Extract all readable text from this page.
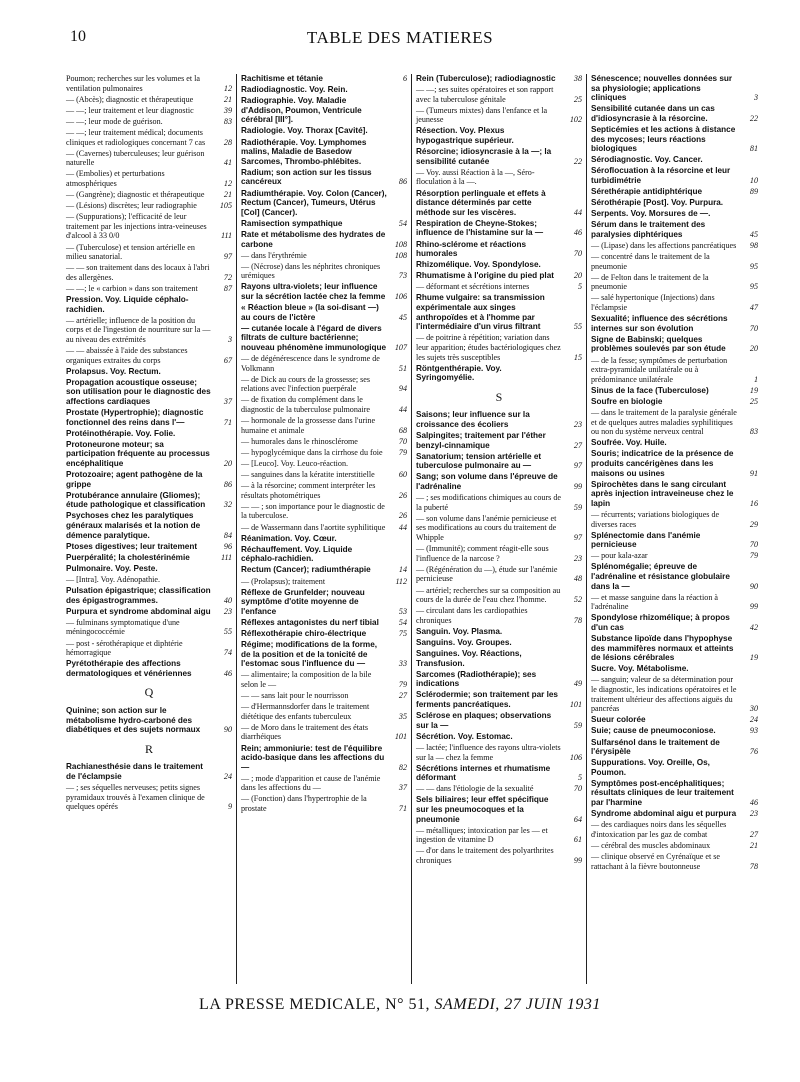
10	TABLE DES MATIERES
Poumon; recherches sur les volumes et la ventilation pulmonaires	12
— (Abcès); diagnostic et thérapeutique	21
— —; leur traitement et leur diagnostic	39
— —; leur mode de guérison.	83
— —; leur traitement médical; documents cliniques et radiologiques concernant 7 cas	28
— (Cavernes) tuberculeuses; leur guérison naturelle	41
— (Embolies) et perturbations atmosphériques	12
— (Gangrène); diagnostic et thérapeutique	21
— (Lésions) discrètes; leur radiographie	105
— (Suppurations); l'efficacité de leur traitement par les injections intra-veineuses d'alcool à 33 0/0	111
— (Tuberculose) et tension artérielle en milieu sanatorial.	97
— — son traitement dans des locaux à l'abri des allergènes.	72
— —; le « carbion » dans son traitement	87
Pression. Voy. Liquide céphalo-rachidien.
— artérielle; influence de la position du corps et de l'ingestion de nourriture sur la — au niveau des extrémités	3
— — abaissée à l'aide des substances organiques extraites du corps	67
Prolapsus. Voy. Rectum.
Propagation acoustique osseuse; son utilisation pour le diagnostic des affections cardiaques	37
Prostate (Hypertrophie); diagnostic fonctionnel des reins dans l'—	71
Protéinothérapie. Voy. Folie.
Protoneurone moteur; sa participation fréquente au processus encéphalitique	20
Protozoaire; agent pathogène de la grippe	86
Protubérance annulaire (Gliomes); étude pathologique et classification	32
Psychoses chez les paralytiques généraux malarisés et la notion de démence paralytique.	84
Ptoses digestives; leur traitement	96
Puerpéralité; la cholestérinémie	111
Pulmonaire. Voy. Peste.
— [Intra]. Voy. Adénopathie.
Pulsation épigastrique; classification des épigastrogrammes.	40
Purpura et syndrome abdominal aigu	23
— fulminans symptomatique d'une méningococcémie	55
— post - sérothérapique et diphtérie hémorragique	74
Pyrétothérapie des affections dermatologiques et vénériennes	46
Q
Quinine; son action sur le métabolisme hydro-carboné des diabétiques et des sujets normaux	90
R
Rachianesthésie dans le traitement de l'éclampsie	24
— ; ses séquelles nerveuses; petits signes pyramidaux trouvés à l'examen clinique de quelques opérés	9
Rachitisme et tétanie	6
Radiodiagnostic. Voy. Rein.
Radiographie. Voy. Maladie d'Addison, Poumon, Ventricule cérébral [III°].
Radiologie. Voy. Thorax [Cavité].
Radiothérapie. Voy. Lymphomes malins, Maladie de Basedow Sarcomes, Thrombo-phlébites.
Radium; son action sur les tissus cancéreux	86
Radiumthérapie. Voy. Colon (Cancer), Rectum (Cancer), Tumeurs, Utérus [Col] (Cancer).
Ramisection sympathique	54
Rate et métabolisme des hydrates de carbone	108
— dans l'érythrémie	108
— (Nécrose) dans les néphrites chroniques urémiques	73
Rayons ultra-violets; leur influence sur la sécrétion lactée chez la femme	106
« Réaction bleue » (la soi-disant —) au cours de l'ictère	45
— cutanée locale à l'égard de divers filtrats de culture bactérienne; nouveau phénomène immunologique	107
— de dégénérescence dans le syndrome de Volkmann	51
— de Dick au cours de la grossesse; ses relations avec l'infection puerpérale	94
— de fixation du complément dans le diagnostic de la tuberculose pulmonaire	44
— hormonale de la grossesse dans l'urine humaine et animale	68
— humorales dans le rhinosclérome	70
— hypoglycémique dans la cirrhose du foie	79
— [Leuco]. Voy. Leuco-réaction.
— sanguines dans la kératite interstitielle	60
— à la résorcine; comment interpréter les résultats photométriques	26
— — ; son importance pour le diagnostic de la tuberculose.	26
— de Wassermann dans l'aortite syphilitique	44
Réanimation. Voy. Cœur.
Réchauffement. Voy. Liquide céphalo-rachidien.
Rectum (Cancer); radiumthérapie	14
— (Prolapsus); traitement	112
Réflexe de Grunfelder; nouveau symptôme d'otite moyenne de l'enfance	53
Réflexes antagonistes du nerf tibial	54
Réflexothérapie chiro-électrique	75
Régime; modifications de la forme, de la position et de la tonicité de l'estomac sous l'influence du —	33
— alimentaire; la composition de la bile selon le —	79
— — sans lait pour le nourrisson	27
— d'Hermannsdorfer dans le traitement diététique des enfants tuberculeux	35
— de Moro dans le traitement des états diarrhéiques	101
Rein; ammoniurie: test de l'équilibre acido-basique dans les affections du —	82
— ; mode d'apparition et cause de l'anémie dans les affections du —	37
— (Fonction) dans l'hypertrophie de la prostate	71
Rein (Tuberculose); radiodiagnostic	38
— —; ses suites opératoires et son rapport avec la tuberculose génitale	25
— (Tumeurs mixtes) dans l'enfance et la jeunesse	102
Résection. Voy. Plexus hypogastrique supérieur.
Résorcine; idiosyncrasie à la —; la sensibilité cutanée	22
— Voy. aussi Réaction à la —, Séro-floculation à la —.
Résorption perlinguale et effets à distance déterminés par cette méthode sur les viscères.	44
Respiration de Cheyne-Stokes; influence de l'histamine sur la —	46
Rhino-sclérome et réactions humorales	70
Rhizomélique. Voy. Spondylose.
Rhumatisme à l'origine du pied plat	20
— déformant et sécrétions internes	5
Rhume vulgaire: sa transmission expérimentale aux singes anthropoïdes et à l'homme par l'intermédiaire d'un virus filtrant	55
— de poitrine à répétition; variation dans leur apparition; études bactériologiques chez les sujets très susceptibles	15
Röntgenthérapie. Voy. Syringomyélie.
S
Saisons; leur influence sur la croissance des écoliers	23
Salpingites; traitement par l'éther benzyl-cinnamique	27
Sanatorium; tension artérielle et tuberculose pulmonaire au —	97
Sang; son volume dans l'épreuve de l'adrénaline	99
— ; ses modifications chimiques au cours de la puberté	59
— son volume dans l'anémie pernicieuse et ses modifications au cours du traitement de Whipple	97
— (Immunité); comment réagit-elle sous l'influence de la narcose ?	23
— (Régénération du —), étude sur l'anémie pernicieuse	48
— artériel; recherches sur sa composition au cours de la durée de l'eau chez l'homme.	52
— circulant dans les cardiopathies chroniques	78
Sanguin. Voy. Plasma.
Sanguins. Voy. Groupes.
Sanguines. Voy. Réactions, Transfusion.
Sarcomes (Radiothérapie); ses indications	49
Sclérodermie; son traitement par les ferments pancréatiques.	101
Sclérose en plaques; observations sur la —	59
Sécrétion. Voy. Estomac.
— lactée; l'influence des rayons ultra-violets sur la — chez la femme	106
Sécrétions internes et rhumatisme déformant	5
— — dans l'étiologie de la sexualité	70
Sels biliaires; leur effet spécifique sur les pneumocoques et la pneumonie	64
— métalliques; intoxication par les — et ingestion de vitamine D	61
— d'or dans le traitement des polyarthrites chroniques	99
Sénescence; nouvelles données sur sa physiologie; applications cliniques	3
Sensibilité cutanée dans un cas d'idiosyncrasie à la résorcine.	22
Septicémies et les actions à distance des mycoses; leurs réactions biologiques	81
Sérodiagnostic. Voy. Cancer.
Séroflocuation à la résorcine et leur turbidimétrie	10
Sérethérapie antidiphtérique	89
Sérothérapie [Post]. Voy. Purpura.
Serpents. Voy. Morsures de —.
Sérum dans le traitement des paralysies diphtériques	45
— (Lipase) dans les affections pancréatiques	98
— concentré dans le traitement de la pneumonie	95
— de Felton dans le traitement de la pneumonie	95
— salé hypertonique (Injections) dans l'éclampsie	47
Sexualité; influence des sécrétions internes sur son évolution	70
Signe de Babinski; quelques problèmes soulevés par son étude	20
— de la fesse; symptômes de perturbation extra-pyramidale unilatérale ou à prédominance unilatérale	1
Sinus de la face (Tuberculose)	19
Soufre en biologie	25
— dans le traitement de la paralysie générale et de quelques autres maladies syphilitiques ou non du système nerveux central	83
Soufrée. Voy. Huile.
Souris; indicatrice de la présence de produits cancérigènes dans les maisons ou usines	91
Spirochètes dans le sang circulant après injection intraveineuse chez le lapin	16
— récurrents; variations biologiques de diverses races	29
Splénectomie dans l'anémie pernicieuse	70
— pour kala-azar	79
Splénomégalie; épreuve de l'adrénaline et résistance globulaire dans la —	90
— et masse sanguine dans la réaction à l'adrénaline	99
Spondylose rhizomélique; à propos d'un cas	42
Substance lipoïde dans l'hypophyse des mammifères normaux et atteints de lésions cérébrales	19
Sucre. Voy. Métabolisme.
— sanguin; valeur de sa détermination pour le diagnostic, les indications opératoires et le traitement ultérieur des affections aiguës du pancréas	30
Sueur colorée	24
Suie; cause de pneumoconiose.	93
Sulfarsénol dans le traitement de l'érysipèle	76
Suppurations. Voy. Oreille, Os, Poumon.
Symptômes post-encéphalitiques; résultats cliniques de leur traitement par l'harmine	46
Syndrome abdominal aigu et purpura	23
— des cardiaques noirs dans les séquelles d'intoxication par les gaz de combat	27
— cérébral des muscles abdominaux	21
— clinique observé en Cyrénaïque et se rattachant à la fièvre boutonneuse	78
LA PRESSE MEDICALE, N° 51, SAMEDI, 27 JUIN 1931
